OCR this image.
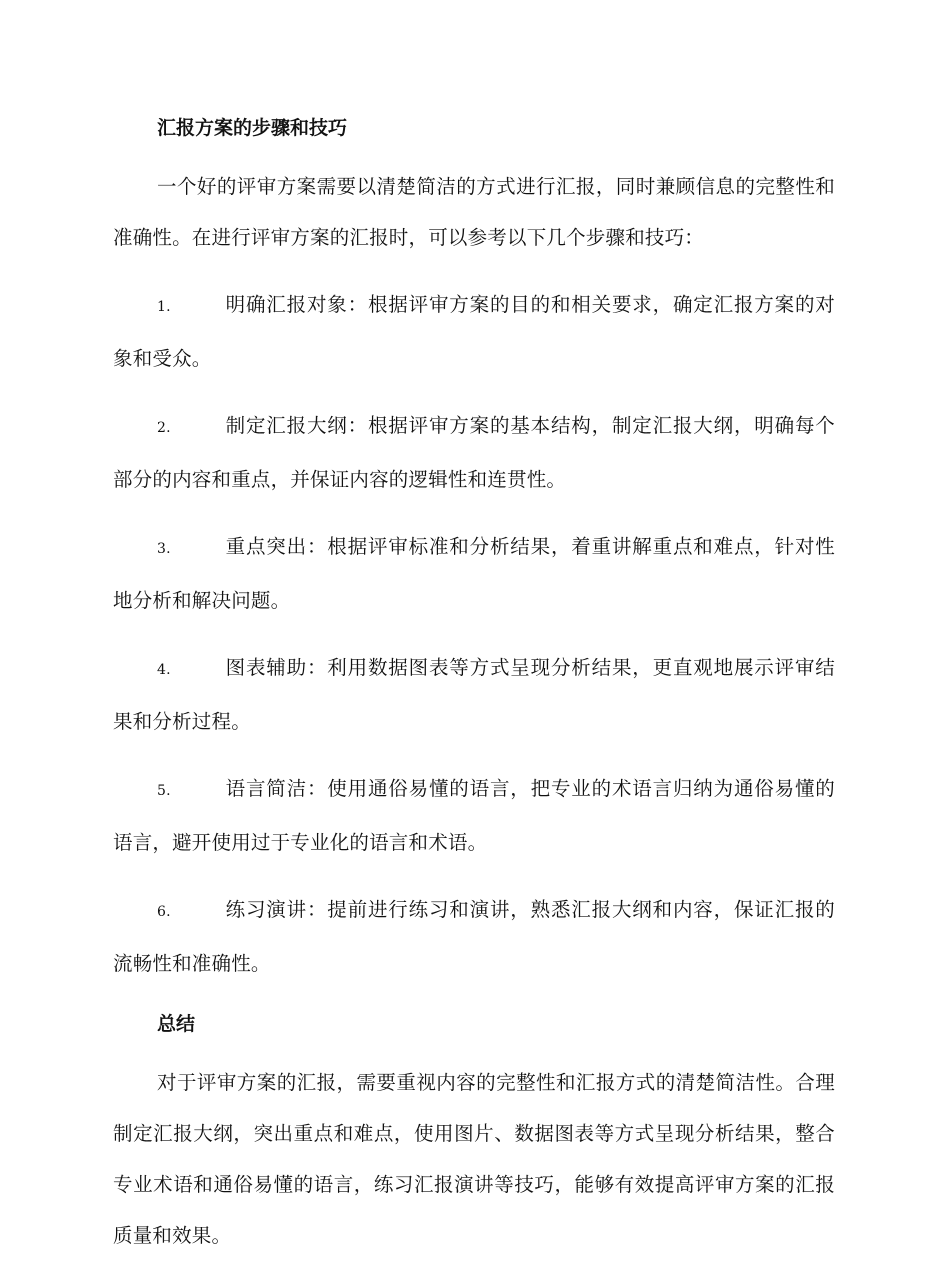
汇报方案的步骤和技巧

一个好的评审方案需要以清楚简洁的方式进行汇报，同时兼顾信息的完整性和准确性。在进行评审方案的汇报时，可以参考以下几个步骤和技巧：

1.	明确汇报对象：根据评审方案的目的和相关要求，确定汇报方案的对象和受众。

2.	制定汇报大纲：根据评审方案的基本结构，制定汇报大纲，明确每个部分的内容和重点，并保证内容的逻辑性和连贯性。

3.	重点突出：根据评审标准和分析结果，着重讲解重点和难点，针对性地分析和解决问题。

4.	图表辅助：利用数据图表等方式呈现分析结果，更直观地展示评审结果和分析过程。

5.	语言简洁：使用通俗易懂的语言，把专业的术语言归纳为通俗易懂的语言，避开使用过于专业化的语言和术语。

6.	练习演讲：提前进行练习和演讲，熟悉汇报大纲和内容，保证汇报的流畅性和准确性。

总结

对于评审方案的汇报，需要重视内容的完整性和汇报方式的清楚简洁性。合理制定汇报大纲，突出重点和难点，使用图片、数据图表等方式呈现分析结果，整合专业术语和通俗易懂的语言，练习汇报演讲等技巧，能够有效提高评审方案的汇报质量和效果。
